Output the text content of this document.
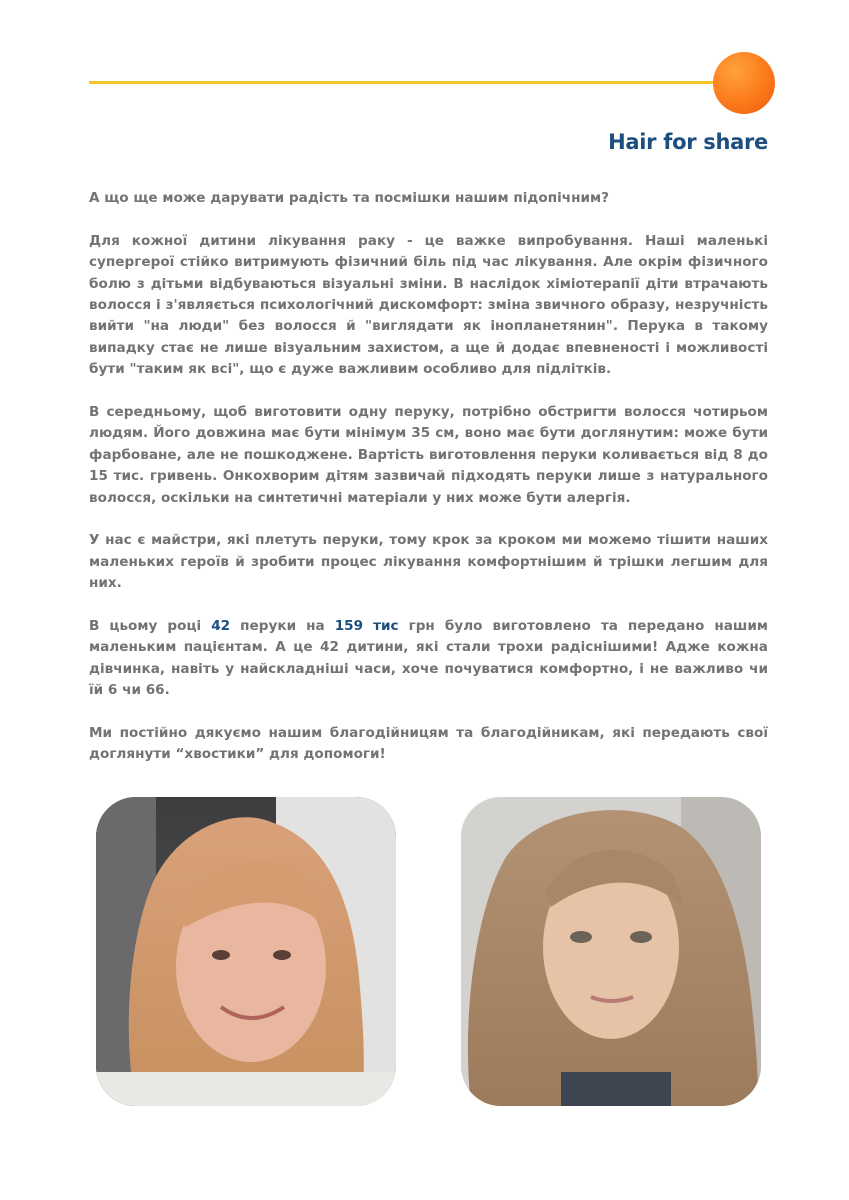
Hair for share

А що ще може дарувати радість та посмішки нашим підопічним?

Для кожної дитини лікування раку - це важке випробування. Наші маленькі супергерої стійко витримують фізичний біль під час лікування. Але окрім фізичного болю з дітьми відбуваються візуальні зміни. В наслідок хіміотерапії діти втрачають волосся і з'являється психологічний дискомфорт: зміна звичного образу, незручність вийти "на люди" без волосся й "виглядати як інопланетянин". Перука в такому випадку стає не лише візуальним захистом, а ще й додає впевненості і можливості бути "таким як всі", що є дуже важливим особливо для підлітків.

В середньому, щоб виготовити одну перуку, потрібно обстригти волосся чотирьом людям. Його довжина має бути мінімум 35 см, воно має бути доглянутим: може бути фарбоване, але не пошкоджене. Вартість виготовлення перуки коливається від 8 до 15 тис. гривень. Онкохворим дітям зазвичай підходять перуки лише з натурального волосся, оскільки на синтетичні матеріали у них може бути алергія.

У нас є майстри, які плетуть перуки, тому крок за кроком ми можемо тішити наших маленьких героїв й зробити процес лікування комфортнішим й трішки легшим для них.

В цьому році 42 перуки на 159 тис грн було виготовлено та передано нашим маленьким пацієнтам. А це 42 дитини, які стали трохи радіснішими! Адже кожна дівчинка, навіть у найскладніші часи, хоче почуватися комфортно, і не важливо чи їй 6 чи 66.

Ми постійно дякуємо нашим благодійницям та благодійникам, які передають свої доглянути “хвостики” для допомоги!
